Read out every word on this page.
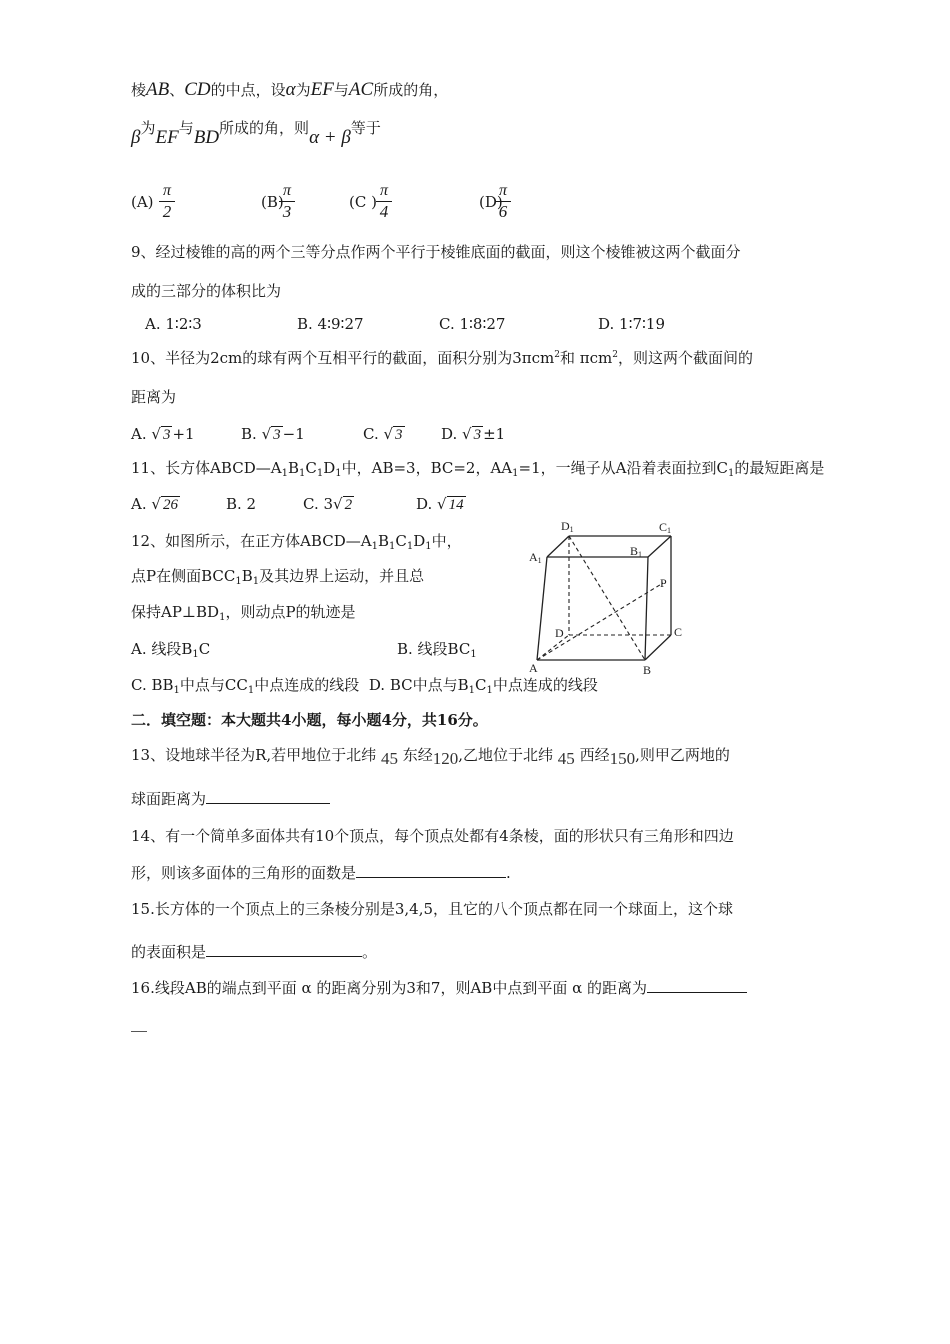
棱AB、CD的中点，设α为EF与AC所成的角，
β为EF与BD所成的角，则α + β等于
(A)
π
2	(B)
π
3	(C )
π
4	(D)
π
6
9、经过棱锥的高的两个三等分点作两个平行于棱锥底面的截面，则这个棱锥被这两个截面分
成的三部分的体积比为
A. 1∶2∶3	B. 4∶9∶27	C. 1∶8∶27	D. 1∶7∶19
10、半径为2cm的球有两个互相平行的截面，面积分别为3πcm$^2$和 πcm$^2$，则这两个截面间的
距离为
A. √ 3 +1	B. √ 3 −1	C. √ 3	D. √ 3 ±1
11、长方体$ABCD—A_1B_1C_1D_1$中，AB=3，BC=2，$AA_1=1$，一绳子从A沿着表面拉到$C_1$的最短距离是
A. √ 26	B. 2	C. 3√ 2	D. √ 14
12、如图所示，在正方体$ABCD—A_1B_1C_1D_1$中，
点P在侧面$BCC_1B_1$及其边界上运动，并且总
保持$AP\perp BD_1$，则动点P的轨迹是
A. 线段$B_1C$	B. 线段$BC_1$
C. $BB_1$中点与$CC_1$中点连成的线段 D. BC中点与$B_1C_1$中点连成的线段
D1	C1
A1
B1
P
D	C
A	B
二．填空题：本大题共4小题，每小题4分，共16分。
13、设地球半径为R,若甲地位于北纬 45 东经120,乙地位于北纬 45 西经150,则甲乙两地的
球面距离为
14、有一个简单多面体共有10个顶点，每个顶点处都有4条棱，面的形状只有三角形和四边
形，则该多面体的三角形的面数是	.
15.长方体的一个顶点上的三条棱分别是3,4,5，且它的八个顶点都在同一个球面上，这个球
的表面积是	。
16.线段AB的端点到平面 α 的距离分别为3和7，则AB中点到平面 α 的距离为
